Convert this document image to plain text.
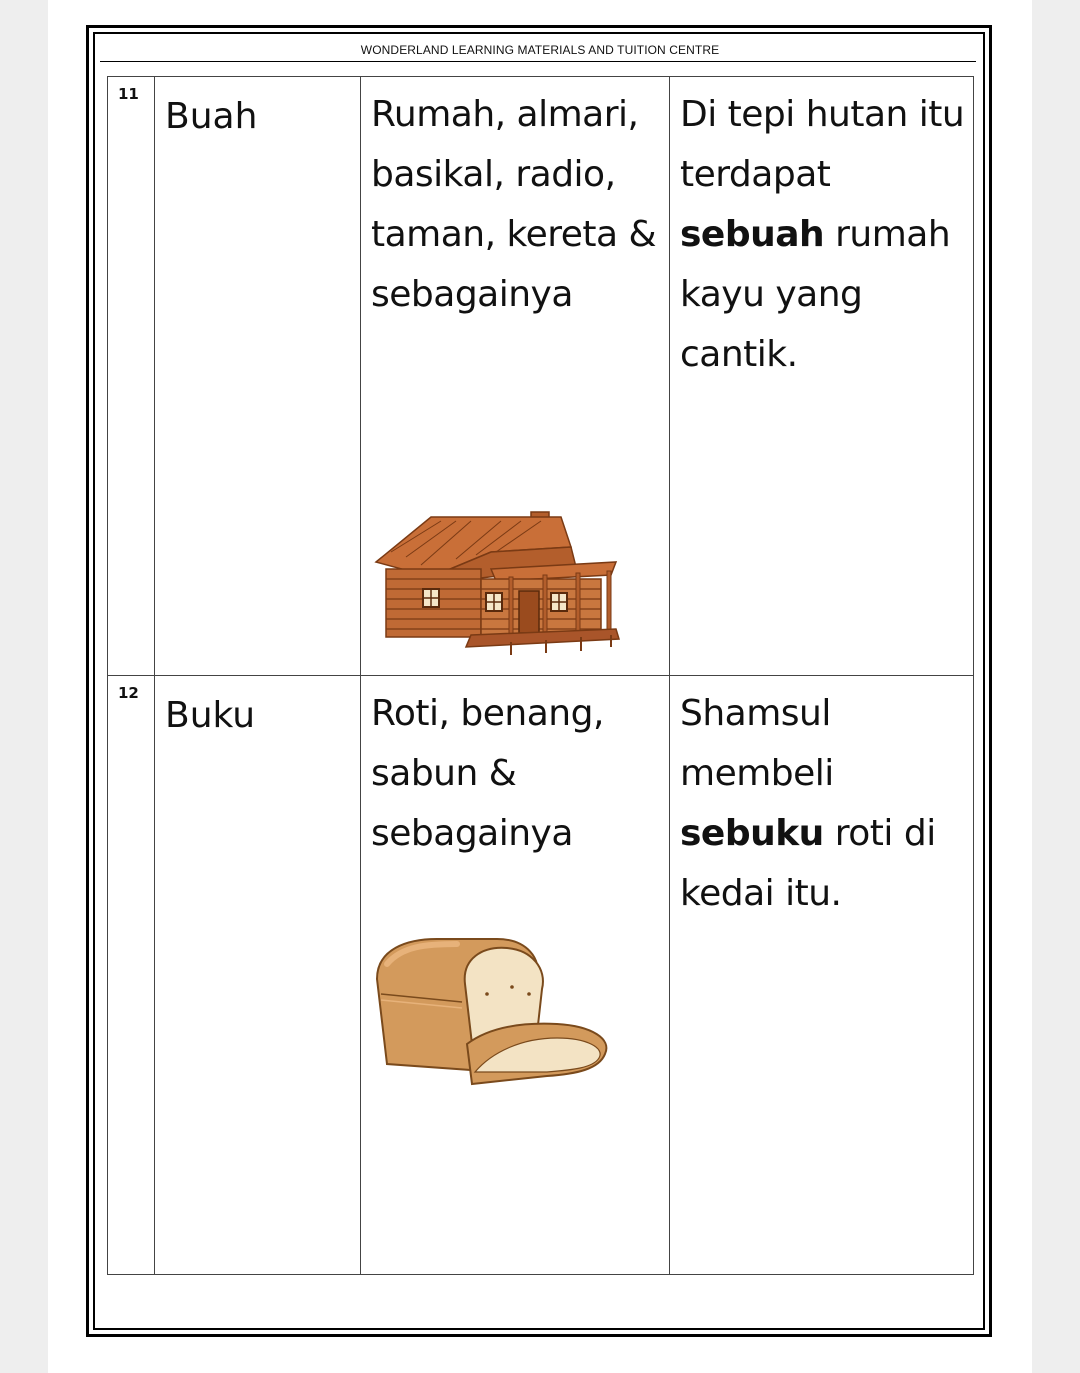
WONDERLAND LEARNING MATERIALS AND TUITION CENTRE
11	Buah	Rumah, almari, basikal, radio, taman, kereta & sebagainya	Di tepi hutan itu terdapat sebuah rumah kayu yang cantik.

12	Buku	Roti, benang, sabun & sebagainya	Shamsul membeli sebuku roti di kedai itu.
